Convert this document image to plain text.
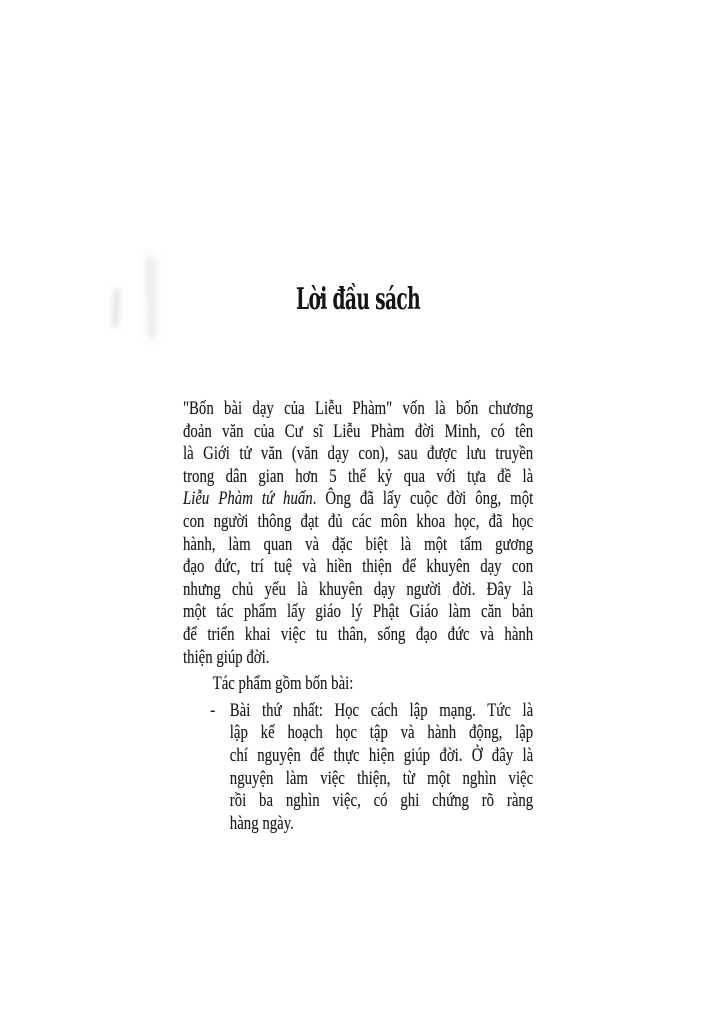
Lời đầu sách
"Bốn bài dạy của Liễu Phàm" vốn là bốn chương
đoản văn của Cư sĩ Liễu Phàm đời Minh, có tên
là Giới tử văn (văn dạy con), sau được lưu truyền
trong dân gian hơn 5 thế kỷ qua với tựa đề là
Liễu Phàm tứ huấn. Ông đã lấy cuộc đời ông, một
con người thông đạt đủ các môn khoa học, đã học
hành, làm quan và đặc biệt là một tấm gương
đạo đức, trí tuệ và hiền thiện để khuyên dạy con
nhưng chủ yếu là khuyên dạy người đời. Đây là
một tác phẩm lấy giáo lý Phật Giáo làm căn bản
để triển khai việc tu thân, sống đạo đức và hành
thiện giúp đời.
Tác phẩm gồm bốn bài:
- Bài thứ nhất: Học cách lập mạng. Tức là
lập kế hoạch học tập và hành động, lập
chí nguyện để thực hiện giúp đời. Ở đây là
nguyện làm việc thiện, từ một nghìn việc
rồi ba nghìn việc, có ghi chứng rõ ràng
hàng ngày.
